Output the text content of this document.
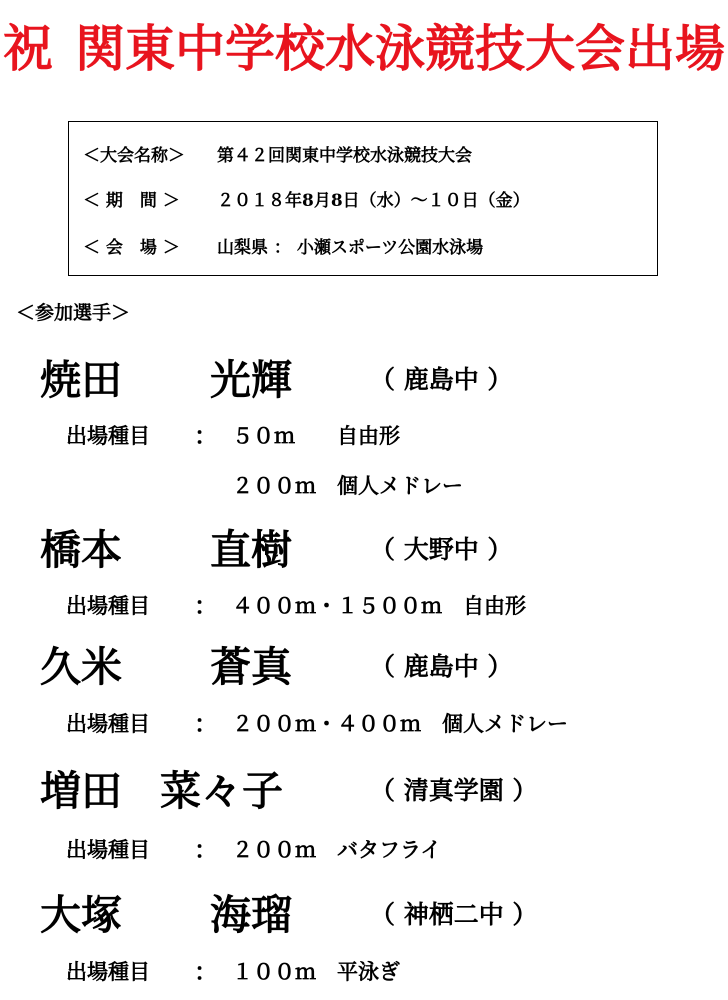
祝 関東中学校水泳競技大会出場
＜大会名称＞ 第４２回関東中学校水泳競技大会
＜ 期　間 ＞ ２０１８年8月8日（水）～１０日（金）
＜ 会　場 ＞ 山梨県 ： 小瀬スポーツ公園水泳場
＜参加選手＞
焼田 光輝	（ 鹿島中 ）
出場種目 ： ５０ｍ　　自由形
２００ｍ　個人メドレー
橋本 直樹	（ 大野中 ）
出場種目 ： ４００ｍ・１５００ｍ　自由形
久米 蒼真	（ 鹿島中 ）
出場種目 ： ２００ｍ・４００ｍ　個人メドレー
増田 菜々子	（ 清真学園 ）
出場種目 ： ２００ｍ　バタフライ
大塚 海瑠	（ 神栖二中 ）
出場種目 ： １００ｍ　平泳ぎ
